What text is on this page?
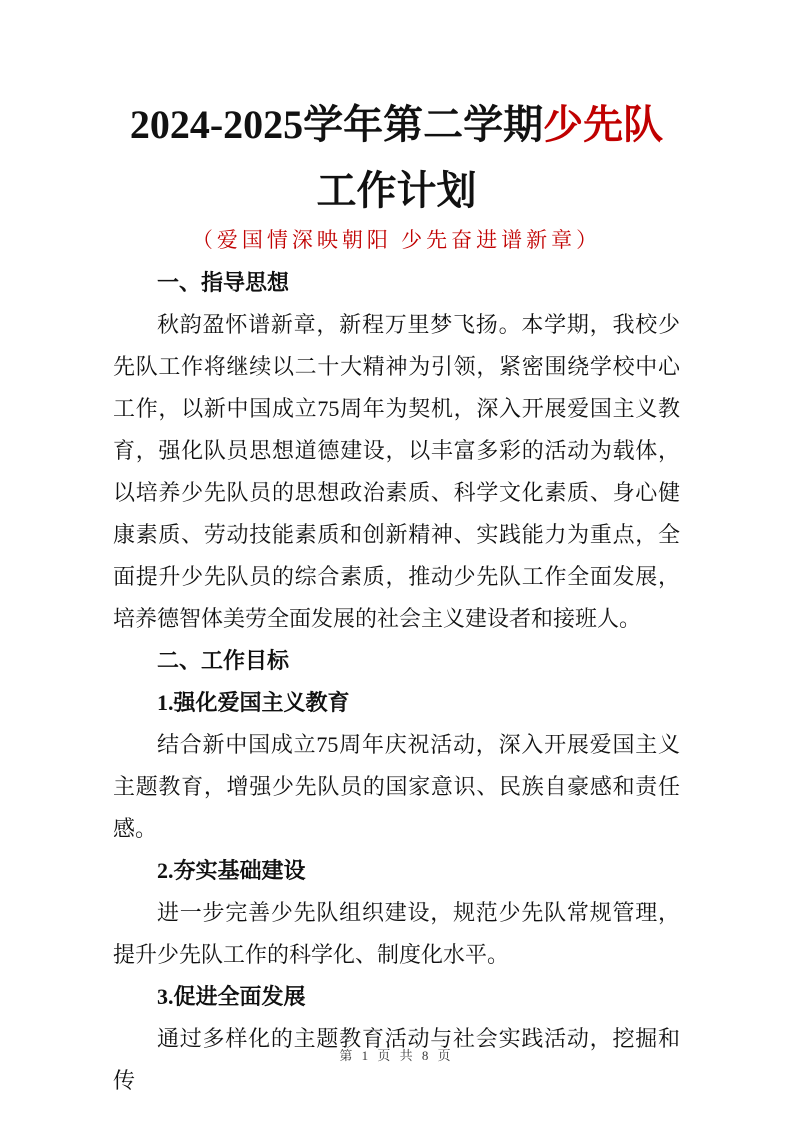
2024-2025学年第二学期少先队
工作计划
（爱国情深映朝阳 少先奋进谱新章）
一、指导思想
秋韵盈怀谱新章，新程万里梦飞扬。本学期，我校少先队工作将继续以二十大精神为引领，紧密围绕学校中心工作，以新中国成立75周年为契机，深入开展爱国主义教育，强化队员思想道德建设，以丰富多彩的活动为载体，以培养少先队员的思想政治素质、科学文化素质、身心健康素质、劳动技能素质和创新精神、实践能力为重点，全面提升少先队员的综合素质，推动少先队工作全面发展，培养德智体美劳全面发展的社会主义建设者和接班人。
二、工作目标
1.强化爱国主义教育
结合新中国成立75周年庆祝活动，深入开展爱国主义主题教育，增强少先队员的国家意识、民族自豪感和责任感。
2.夯实基础建设
进一步完善少先队组织建设，规范少先队常规管理，提升少先队工作的科学化、制度化水平。
3.促进全面发展
通过多样化的主题教育活动与社会实践活动，挖掘和传
第 1 页 共 8 页
